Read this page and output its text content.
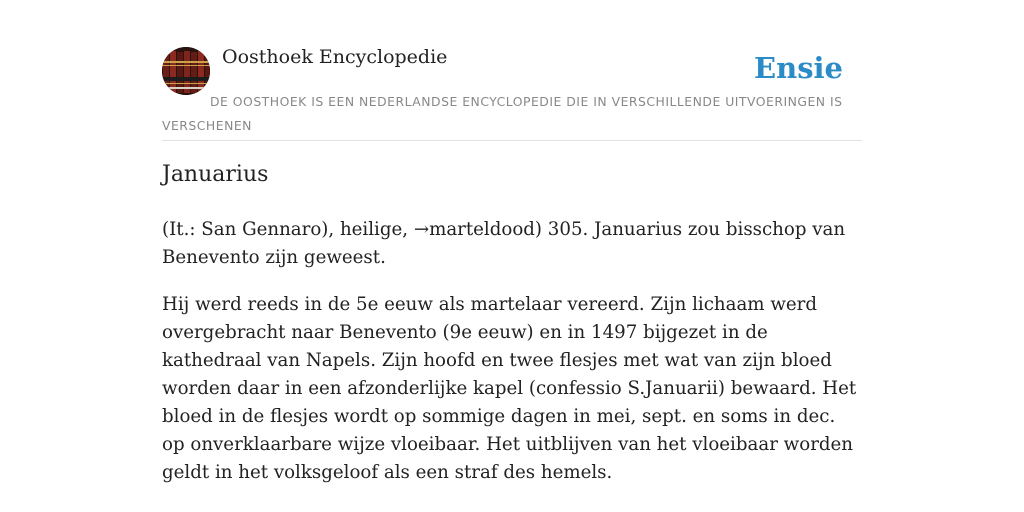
Oosthoek Encyclopedie	Ensie
DE OOSTHOEK IS EEN NEDERLANDSE ENCYCLOPEDIE DIE IN VERSCHILLENDE UITVOERINGEN IS VERSCHENEN
Januarius

(It.: San Gennaro), heilige, →marteldood) 305. Januarius zou bisschop van Benevento zijn geweest.

Hij werd reeds in de 5e eeuw als martelaar vereerd. Zijn lichaam werd overgebracht naar Benevento (9e eeuw) en in 1497 bijgezet in de kathedraal van Napels. Zijn hoofd en twee flesjes met wat van zijn bloed worden daar in een afzonderlijke kapel (confessio S.Januarii) bewaard. Het bloed in de flesjes wordt op sommige dagen in mei, sept. en soms in dec. op onverklaarbare wijze vloeibaar. Het uitblijven van het vloeibaar worden geldt in het volksgeloof als een straf des hemels.
